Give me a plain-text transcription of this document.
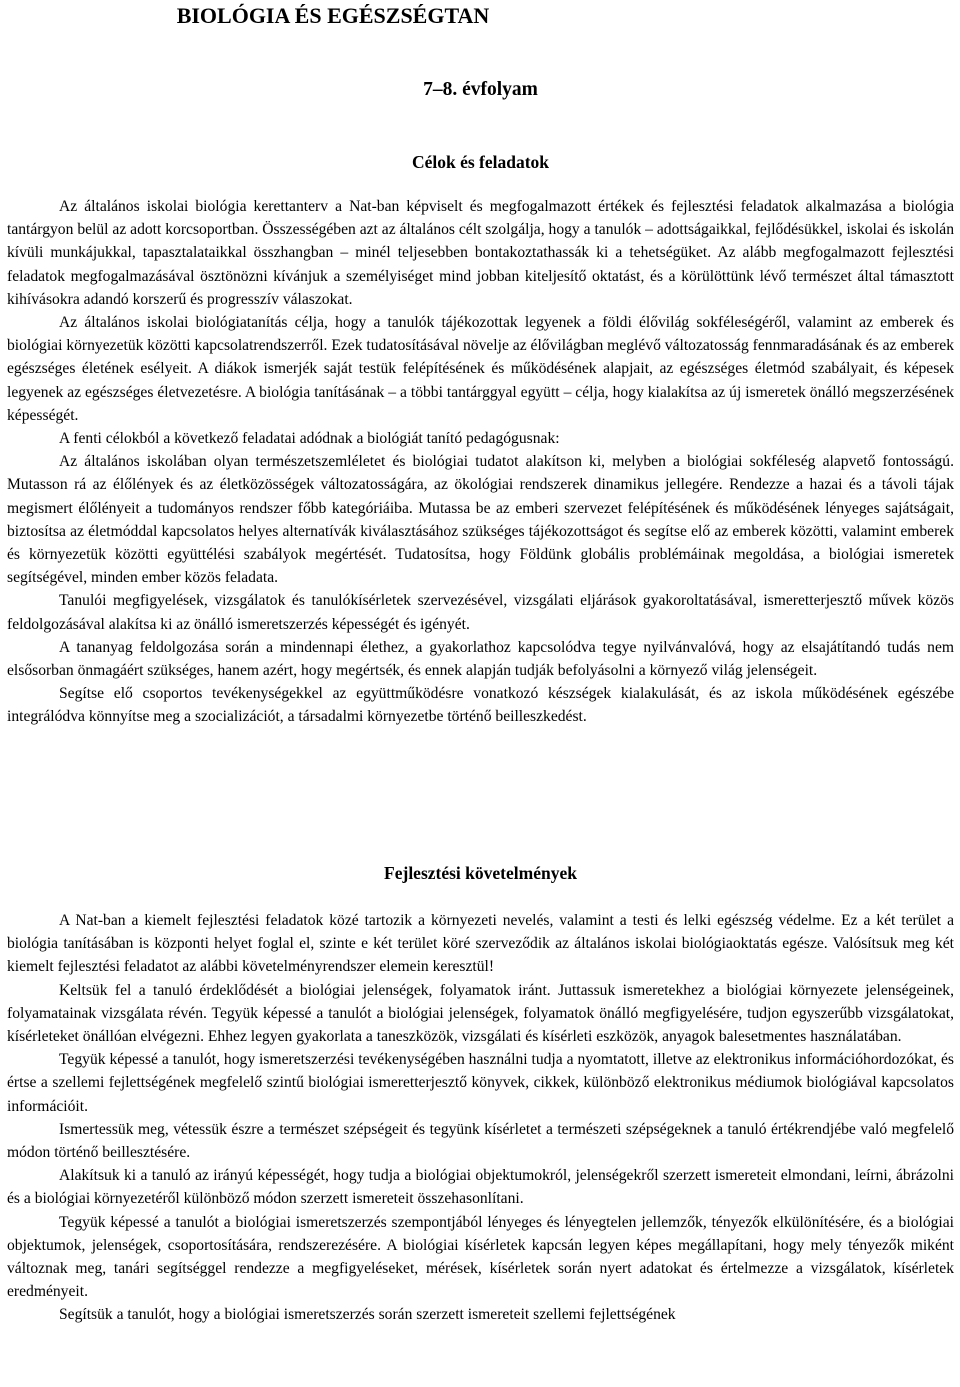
BIOLÓGIA ÉS EGÉSZSÉGTAN
7–8. évfolyam
Célok és feladatok

Az általános iskolai biológia kerettanterv a Nat-ban képviselt és megfogalmazott értékek és fejlesztési feladatok alkalmazása a biológia tantárgyon belül az adott korcsoportban. Összességében azt az általános célt szolgálja, hogy a tanulók – adottságaikkal, fejlődésükkel, iskolai és iskolán kívüli munkájukkal, tapasztalataikkal összhangban – minél teljesebben bontakoztathassák ki a tehetségüket. Az alább megfogalmazott fejlesztési feladatok megfogalmazásával ösztönözni kívánjuk a személyiséget mind jobban kiteljesítő oktatást, és a körülöttünk lévő természet által támasztott kihívásokra adandó korszerű és progresszív válaszokat.

Az általános iskolai biológiatanítás célja, hogy a tanulók tájékozottak legyenek a földi élővilág sokféleségéről, valamint az emberek és biológiai környezetük közötti kapcsolatrendszerről. Ezek tudatosításával növelje az élővilágban meglévő változatosság fennmaradásának és az emberek egészséges életének esélyeit. A diákok ismerjék saját testük felépítésének és működésének alapjait, az egészséges életmód szabályait, és képesek legyenek az egészséges életvezetésre. A biológia tanításának – a többi tantárggyal együtt – célja, hogy kialakítsa az új ismeretek önálló megszerzésének képességét.

A fenti célokból a következő feladatai adódnak a biológiát tanító pedagógusnak:

Az általános iskolában olyan természetszemléletet és biológiai tudatot alakítson ki, melyben a biológiai sokféleség alapvető fontosságú. Mutasson rá az élőlények és az életközösségek változatosságára, az ökológiai rendszerek dinamikus jellegére. Rendezze a hazai és a távoli tájak megismert élőlényeit a tudományos rendszer főbb kategóriáiba. Mutassa be az emberi szervezet felépítésének és működésének lényeges sajátságait, biztosítsa az életmóddal kapcsolatos helyes alternatívák kiválasztásához szükséges tájékozottságot és segítse elő az emberek közötti, valamint emberek és környezetük közötti együttélési szabályok megértését. Tudatosítsa, hogy Földünk globális problémáinak megoldása, a biológiai ismeretek segítségével, minden ember közös feladata.

Tanulói megfigyelések, vizsgálatok és tanulókísérletek szervezésével, vizsgálati eljárások gyakoroltatásával, ismeretterjesztő művek közös feldolgozásával alakítsa ki az önálló ismeretszerzés képességét és igényét.

A tananyag feldolgozása során a mindennapi élethez, a gyakorlathoz kapcsolódva tegye nyilvánvalóvá, hogy az elsajátítandó tudás nem elsősorban önmagáért szükséges, hanem azért, hogy megértsék, és ennek alapján tudják befolyásolni a környező világ jelenségeit.

Segítse elő csoportos tevékenységekkel az együttműködésre vonatkozó készségek kialakulását, és az iskola működésének egészébe integrálódva könnyítse meg a szocializációt, a társadalmi környezetbe történő beilleszkedést.

Fejlesztési követelmények

A Nat-ban a kiemelt fejlesztési feladatok közé tartozik a környezeti nevelés, valamint a testi és lelki egészség védelme. Ez a két terület a biológia tanításában is központi helyet foglal el, szinte e két terület köré szerveződik az általános iskolai biológiaoktatás egésze. Valósítsuk meg két kiemelt fejlesztési feladatot az alábbi követelményrendszer elemein keresztül!

Keltsük fel a tanuló érdeklődését a biológiai jelenségek, folyamatok iránt. Juttassuk ismeretekhez a biológiai környezete jelenségeinek, folyamatainak vizsgálata révén. Tegyük képessé a tanulót a biológiai jelenségek, folyamatok önálló megfigyelésére, tudjon egyszerűbb vizsgálatokat, kísérleteket önállóan elvégezni. Ehhez legyen gyakorlata a taneszközök, vizsgálati és kísérleti eszközök, anyagok balesetmentes használatában.

Tegyük képessé a tanulót, hogy ismeretszerzési tevékenységében használni tudja a nyomtatott, illetve az elektronikus információhordozókat, és értse a szellemi fejlettségének megfelelő szintű biológiai ismeretterjesztő könyvek, cikkek, különböző elektronikus médiumok biológiával kapcsolatos információit.

Ismertessük meg, vétessük észre a természet szépségeit és tegyünk kísérletet a természeti szépségeknek a tanuló értékrendjébe való megfelelő módon történő beillesztésére.

Alakítsuk ki a tanuló az irányú képességét, hogy tudja a biológiai objektumokról, jelenségekről szerzett ismereteit elmondani, leírni, ábrázolni és a biológiai környezetéről különböző módon szerzett ismereteit összehasonlítani.

Tegyük képessé a tanulót a biológiai ismeretszerzés szempontjából lényeges és lényegtelen jellemzők, tényezők elkülönítésére, és a biológiai objektumok, jelenségek, csoportosítására, rendszerezésére. A biológiai kísérletek kapcsán legyen képes megállapítani, hogy mely tényezők miként változnak meg, tanári segítséggel rendezze a megfigyeléseket, mérések, kísérletek során nyert adatokat és értelmezze a vizsgálatok, kísérletek eredményeit.

Segítsük a tanulót, hogy a biológiai ismeretszerzés során szerzett ismereteit szellemi fejlettségének
